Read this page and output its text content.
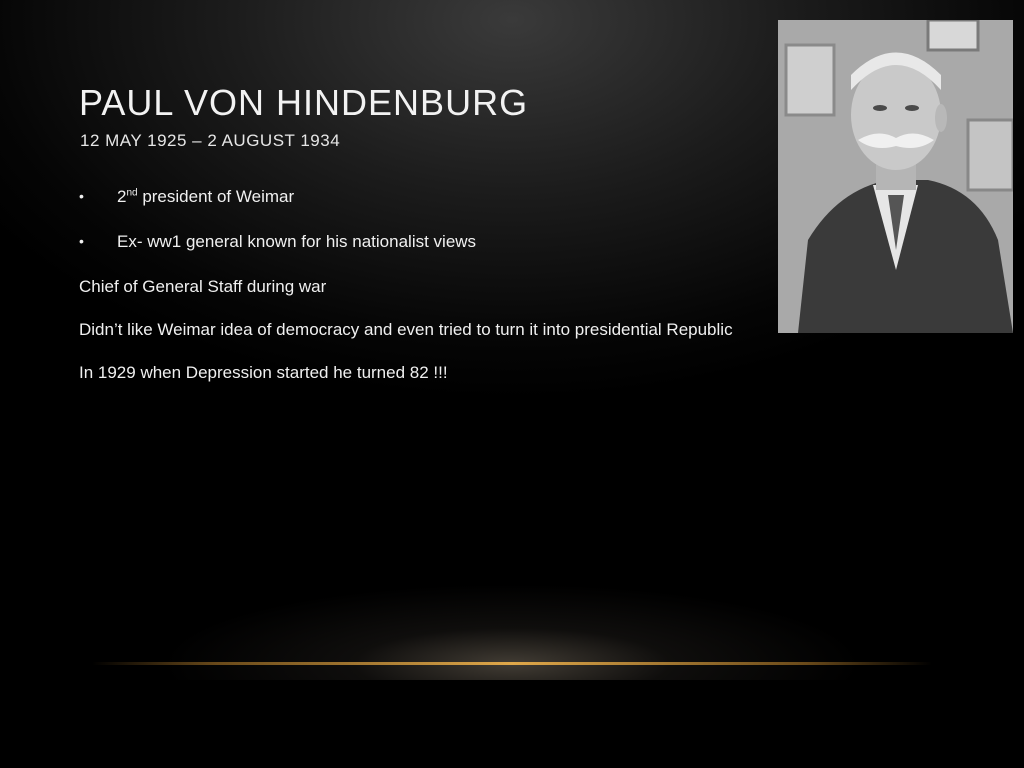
PAUL VON HINDENBURG
12 MAY 1925 – 2 AUGUST 1934
• 2nd president of Weimar
• Ex- ww1 general known for his nationalist views
Chief of General Staff during war
Didn’t like Weimar idea of democracy and even tried to turn it into presidential Republic
In 1929 when Depression started he turned 82 !!!
